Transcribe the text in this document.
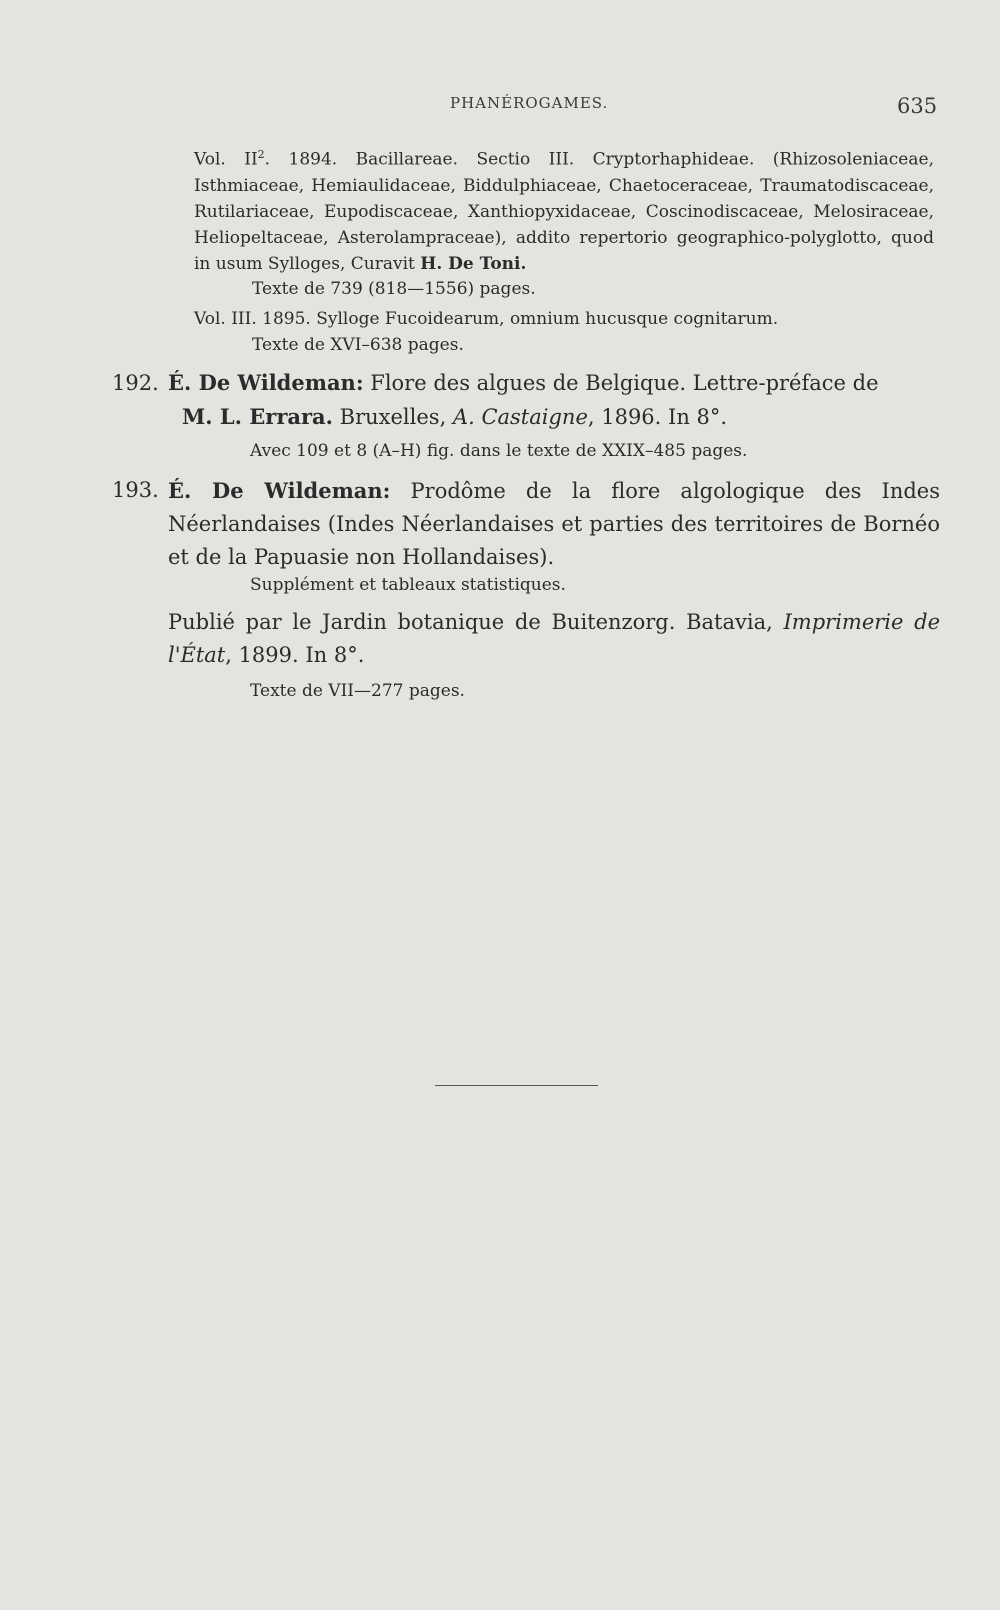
PHANÉROGAMES.	635
Vol. $II^2$. 1894. Bacillareae. Sectio III. Cryptorhaphideae. (Rhizosoleniaceae, Isthmiaceae, Hemiaulidaceae, Biddulphiaceae, Chaetoceraceae, Traumatodiscaceae, Rutilariaceae, Eupodiscaceae, Xanthiopyxidaceae, Coscinodiscaceae, Melosiraceae, Heliopeltaceae, Asterolampraceae), addito repertorio geographico-polyglotto, quod in usum Sylloges, Curavit H. De Toni.
Texte de 739 (818—1556) pages.
Vol. III. 1895. Sylloge Fucoidearum, omnium hucusque cognitarum.
Texte de XVI–638 pages.
192. É. De Wildeman: Flore des algues de Belgique. Lettre-préface de
M. L. Errara. Bruxelles, A. Castaigne, 1896. In 8°.
Avec 109 et 8 (A–H) fig. dans le texte de XXIX–485 pages.
193. É. De Wildeman: Prodôme de la flore algologique des Indes Néerlandaises (Indes Néerlandaises et parties des territoires de Bornéo et de la Papuasie non Hollandaises).
Supplément et tableaux statistiques.
Publié par le Jardin botanique de Buitenzorg. Batavia, Imprimerie de l'État, 1899. In 8°.
Texte de VII—277 pages.
